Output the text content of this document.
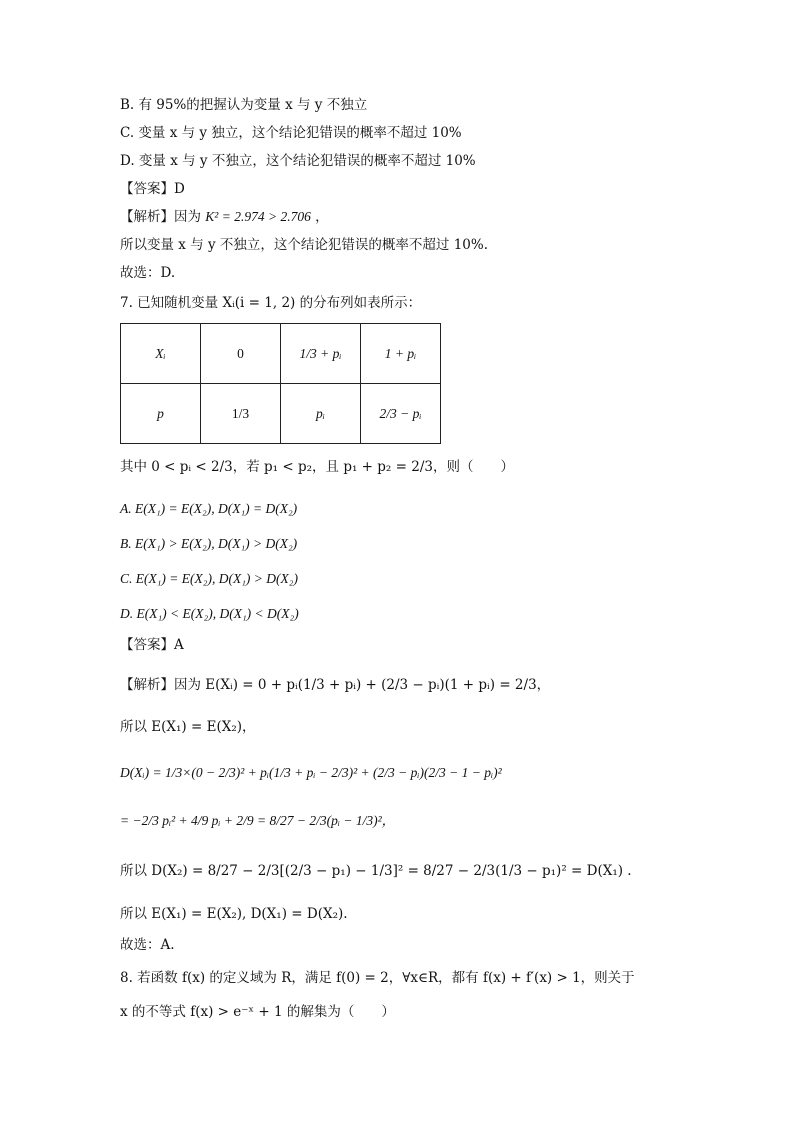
B. 有 95%的把握认为变量 x 与 y 不独立
C. 变量 x 与 y 独立，这个结论犯错误的概率不超过 10%
D. 变量 x 与 y 不独立，这个结论犯错误的概率不超过 10%
【答案】D
【解析】因为 K² = 2.974 > 2.706 ，
所以变量 x 与 y 不独立，这个结论犯错误的概率不超过 10%.
故选：D.
7. 已知随机变量 Xᵢ(i = 1, 2) 的分布列如表所示：
Xᵢ	0	1/3 + pᵢ	1 + pᵢ
p	1/3	pᵢ	2/3 − pᵢ
其中 0 < pᵢ < 2/3，若 p₁ < p₂，且 p₁ + p₂ = 2/3，则（　　）
A. E(X₁) = E(X₂), D(X₁) = D(X₂)
B. E(X₁) > E(X₂), D(X₁) > D(X₂)
C. E(X₁) = E(X₂), D(X₁) > D(X₂)
D. E(X₁) < E(X₂), D(X₁) < D(X₂)
【答案】A
【解析】因为 E(Xᵢ) = 0 + pᵢ(1/3 + pᵢ) + (2/3 − pᵢ)(1 + pᵢ) = 2/3，
所以 E(X₁) = E(X₂)，
D(Xᵢ) = 1/3×(0 − 2/3)² + pᵢ(1/3 + pᵢ − 2/3)² + (2/3 − pᵢ)(2/3 − 1 − pᵢ)²
= −2/3 pᵢ² + 4/9 pᵢ + 2/9 = 8/27 − 2/3(pᵢ − 1/3)²，
所以 D(X₂) = 8/27 − 2/3[(2/3 − p₁) − 1/3]² = 8/27 − 2/3(1/3 − p₁)² = D(X₁) .
所以 E(X₁) = E(X₂), D(X₁) = D(X₂).
故选：A.
8. 若函数 f(x) 的定义域为 R，满足 f(0) = 2，∀x∈R，都有 f(x) + f′(x) > 1，则关于
x 的不等式 f(x) > e⁻ˣ + 1 的解集为（　　）
